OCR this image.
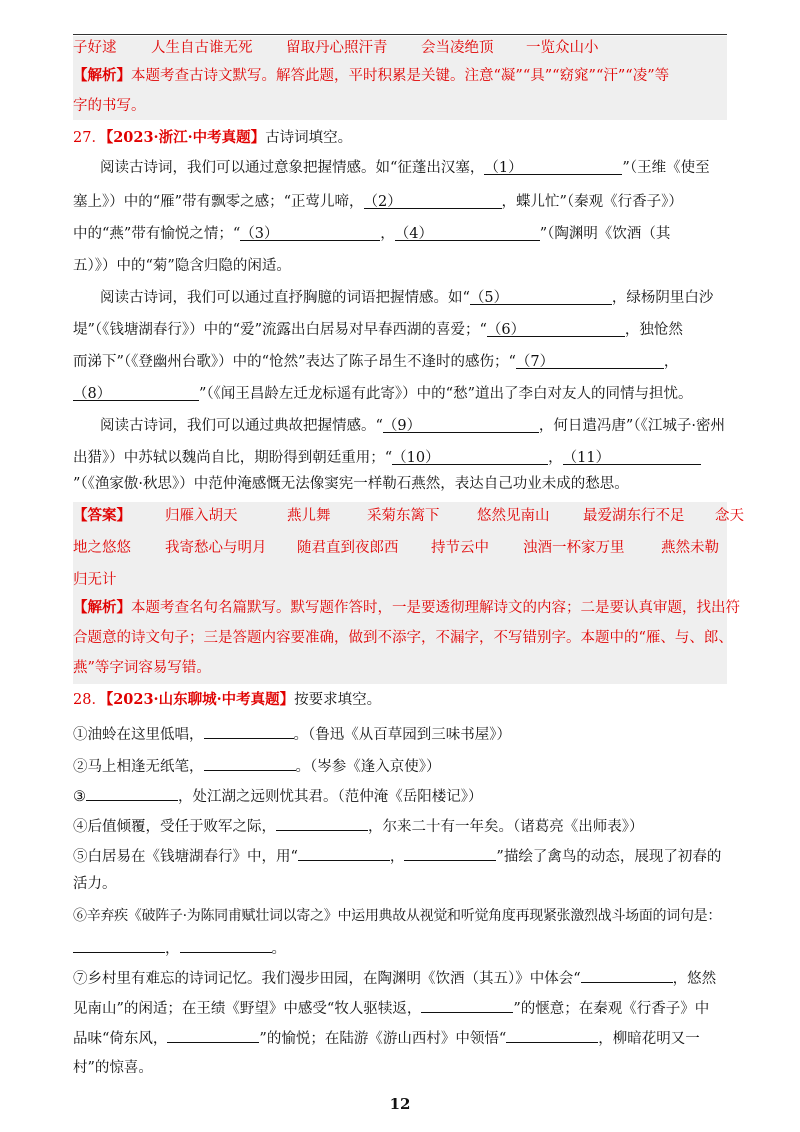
子好逑 人生自古谁无死 留取丹心照汗青 会当凌绝顶 一览众山小
【解析】本题考查古诗文默写。解答此题，平时积累是关键。注意“凝”“具”“窈窕”“汗”“凌”等
字的书写。
27．【2023·浙江·中考真题】古诗词填空。
阅读古诗词，我们可以通过意象把握情感。如“征蓬出汉塞，（1）	”（王维《使至
塞上》）中的“雁”带有飘零之感；“正莺儿啼，（2）	，蝶儿忙”（秦观《行香子》）
中的“燕”带有愉悦之情；“（3）	，（4）	”（陶渊明《饮酒（其
五）》）中的“菊”隐含归隐的闲适。
阅读古诗词，我们可以通过直抒胸臆的词语把握情感。如“（5）	，绿杨阴里白沙
堤”（《钱塘湖春行》）中的“爱”流露出白居易对早春西湖的喜爱；“（6）	，独怆然
而涕下”（《登幽州台歌》）中的“怆然”表达了陈子昂生不逢时的感伤；“（7）	，
（8）	”（《闻王昌龄左迁龙标遥有此寄》）中的“愁”道出了李白对友人的同情与担忧。
阅读古诗词，我们可以通过典故把握情感。“（9）	，何日遣冯唐”（《江城子·密州
出猎》）中苏轼以魏尚自比，期盼得到朝廷重用；“（10）	，（11）
”（《渔家傲·秋思》）中范仲淹感慨无法像窦宪一样勒石燕然，表达自己功业未成的愁思。
【答案】 归雁入胡天	燕儿舞	采菊东篱下	悠然见南山 最爱湖东行不足 念天
地之悠悠 我寄愁心与明月 随君直到夜郎西 持节云中 浊酒一杯家万里	燕然未勒
归无计
【解析】本题考查名句名篇默写。默写题作答时，一是要透彻理解诗文的内容；二是要认真审题，找出符
合题意的诗文句子；三是答题内容要准确，做到不添字，不漏字，不写错别字。本题中的“雁、与、郎、
燕”等字词容易写错。
28．【2023·山东聊城·中考真题】按要求填空。
①油蛉在这里低唱，	。（鲁迅《从百草园到三味书屋》）
②马上相逢无纸笔，	。（岑参《逢入京使》）
③	，处江湖之远则忧其君。（范仲淹《岳阳楼记》）
④后值倾覆，受任于败军之际，	，尔来二十有一年矣。（诸葛亮《出师表》）
⑤白居易在《钱塘湖春行》中，用“	，	”描绘了禽鸟的动态，展现了初春的
活力。
⑥辛弃疾《破阵子·为陈同甫赋壮词以寄之》中运用典故从视觉和听觉角度再现紧张激烈战斗场面的词句是：
，	。
⑦乡村里有难忘的诗词记忆。我们漫步田园，在陶渊明《饮酒（其五）》中体会“	，悠然
见南山”的闲适；在王绩《野望》中感受“牧人驱犊返，	”的惬意；在秦观《行香子》中
品味“倚东风，	”的愉悦；在陆游《游山西村》中领悟“	，柳暗花明又一
村”的惊喜。
12
